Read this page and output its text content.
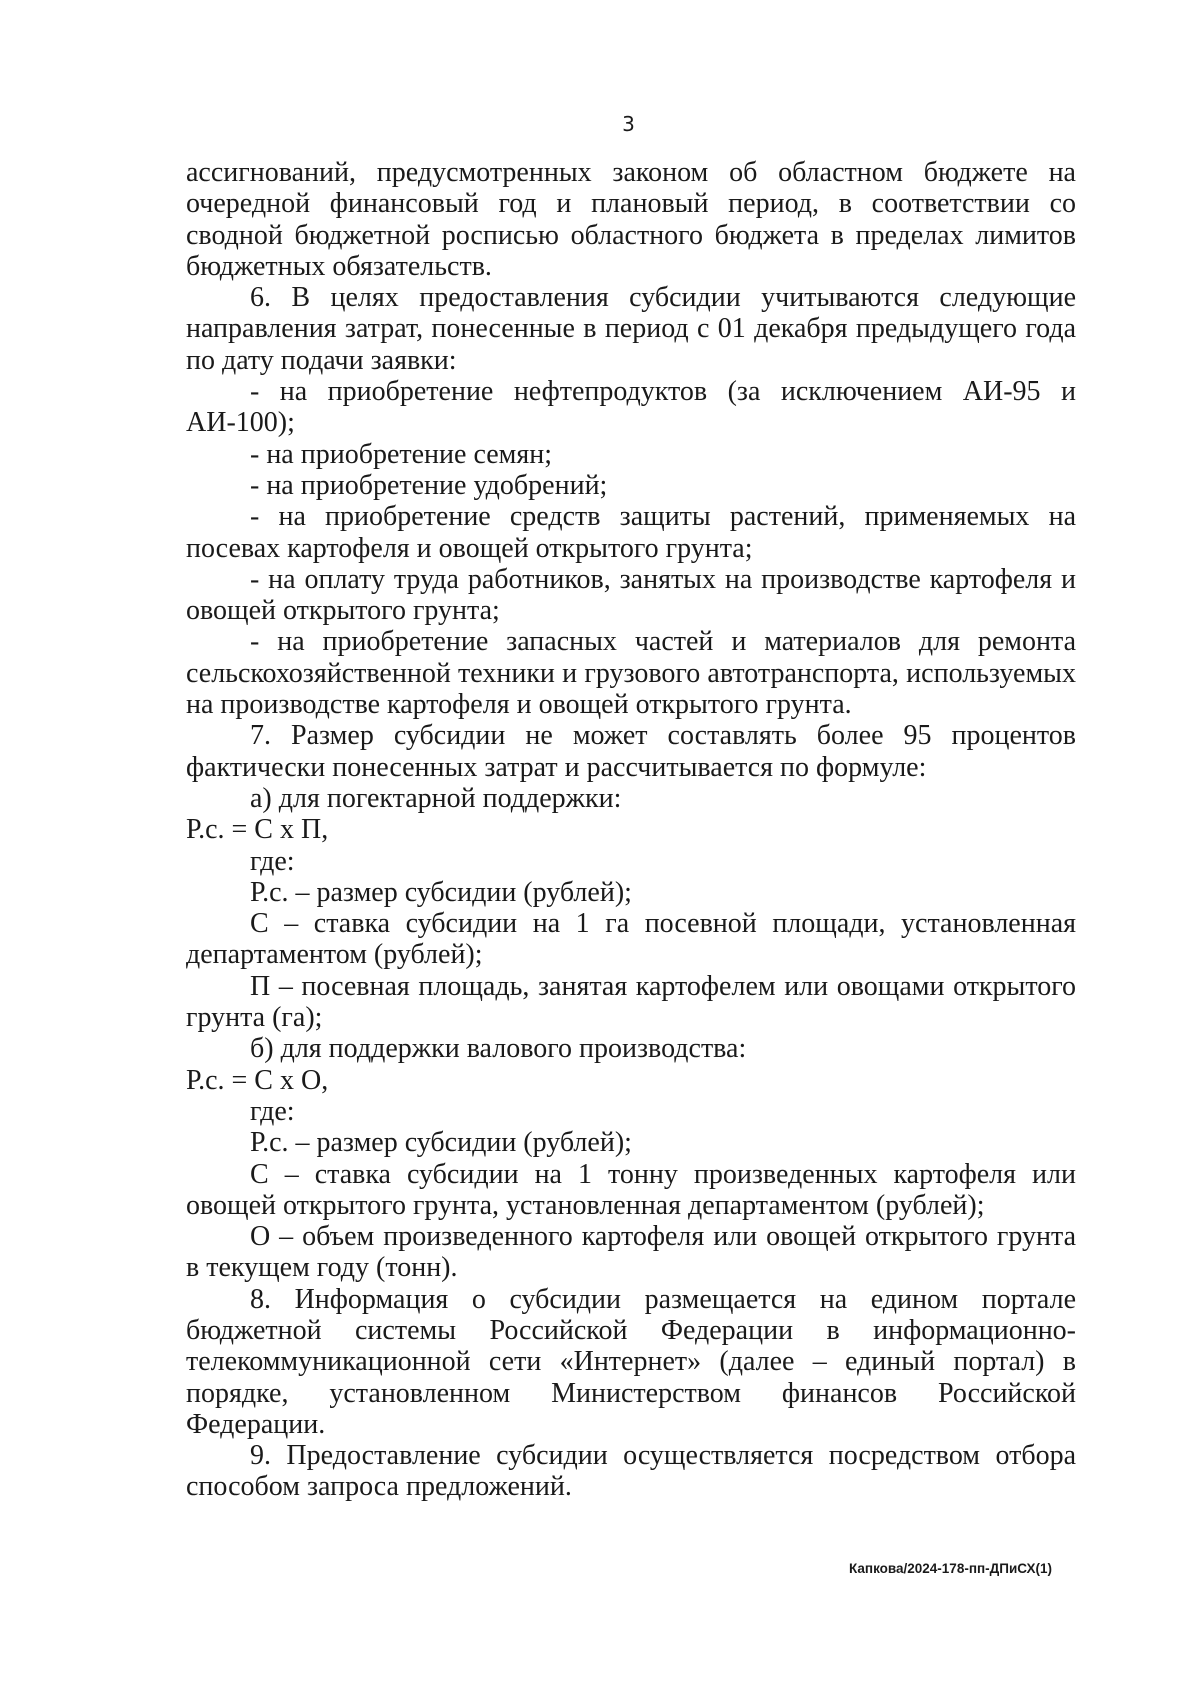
3

ассигнований, предусмотренных законом об областном бюджете на очередной финансовый год и плановый период, в соответствии со сводной бюджетной росписью областного бюджета в пределах лимитов бюджетных обязательств.

6. В целях предоставления субсидии учитываются следующие направления затрат, понесенные в период с 01 декабря предыдущего года по дату подачи заявки:

- на приобретение нефтепродуктов (за исключением АИ-95 и АИ-100);

- на приобретение семян;

- на приобретение удобрений;

- на приобретение средств защиты растений, применяемых на посевах картофеля и овощей открытого грунта;

- на оплату труда работников, занятых на производстве картофеля и овощей открытого грунта;

- на приобретение запасных частей и материалов для ремонта сельскохозяйственной техники и грузового автотранспорта, используемых на производстве картофеля и овощей открытого грунта.

7. Размер субсидии не может составлять более 95 процентов фактически понесенных затрат и рассчитывается по формуле:

а) для погектарной поддержки:

Р.с. = С х П,

где:

Р.с. – размер субсидии (рублей);

С – ставка субсидии на 1 га посевной площади, установленная департаментом (рублей);

П – посевная площадь, занятая картофелем или овощами открытого грунта (га);

б) для поддержки валового производства:

Р.с. = С х О,

где:

Р.с. – размер субсидии (рублей);

С – ставка субсидии на 1 тонну произведенных картофеля или овощей открытого грунта, установленная департаментом (рублей);

О – объем произведенного картофеля или овощей открытого грунта в текущем году (тонн).

8. Информация о субсидии размещается на едином портале бюджетной системы Российской Федерации в информационно-телекоммуникационной сети «Интернет» (далее – единый портал) в порядке, установленном Министерством финансов Российской Федерации.

9. Предоставление субсидии осуществляется посредством отбора способом запроса предложений.

Капкова/2024-178-пп-ДПиСХ(1)
